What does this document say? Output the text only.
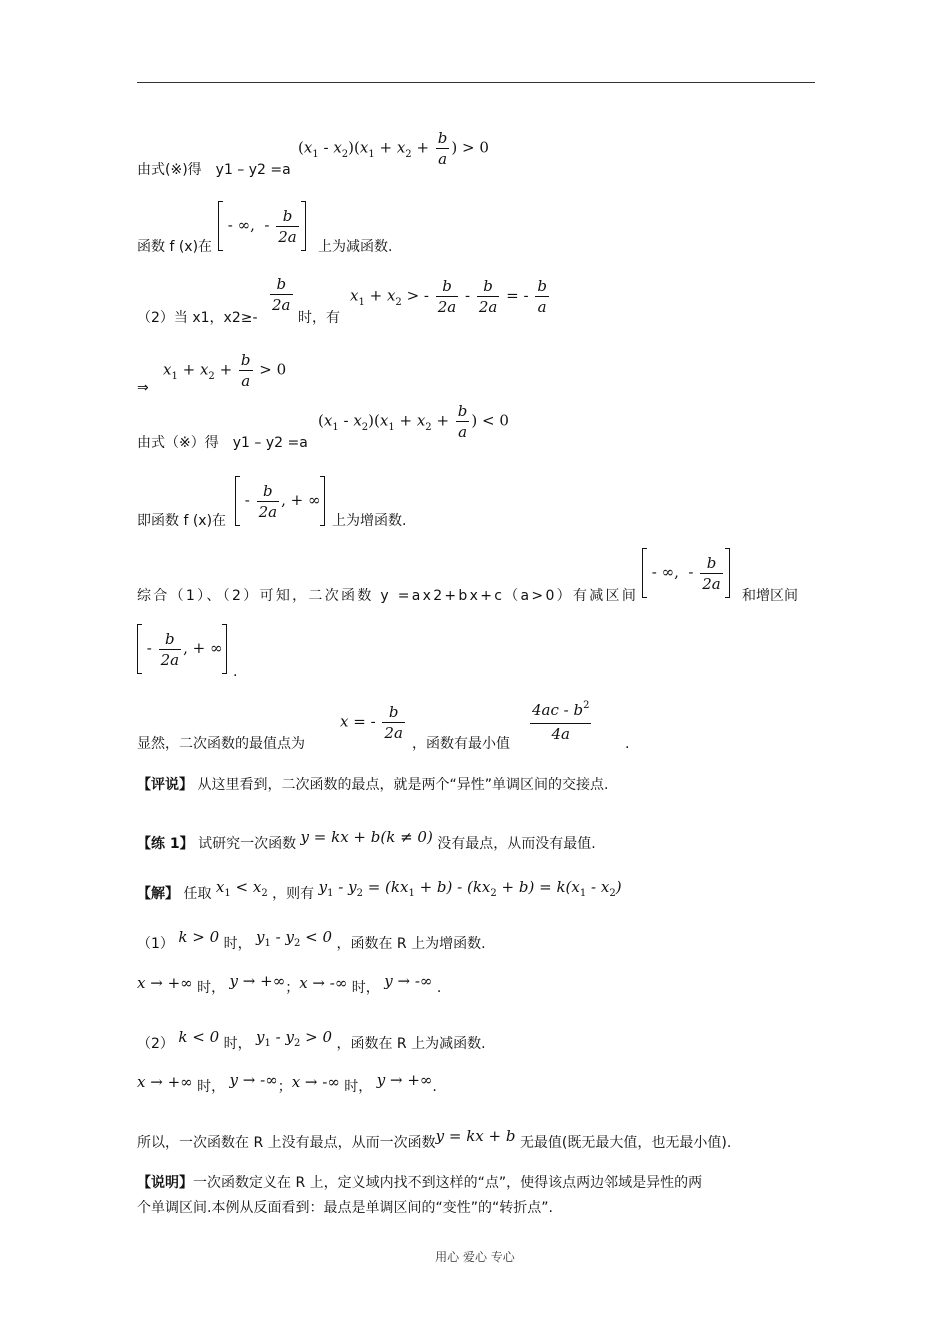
由式(※)得　y1 – y2 =a
$(x_1 - x_2)(x_1 + x_2 + \frac{b}{a}$ ) > 0
函数 f (x)在
- ∞,  - $\frac{b}{2a}$
上为减函数.
（2）当 x1，x2≥-
$\frac{b}{2a}$
时，有
$x_1 + x_2$ > - $\frac{b}{2a} - \frac{b}{2a}$ = - $\frac{b}{a}$
⇒
$x_1 + x_2 + \frac{b}{a} > 0$
由式（※）得　y1 – y2 =a
$(x_1 - x_2)(x_1 + x_2 + \frac{b}{a}$ ) < 0
即函数 f (x)在
- $\frac{b}{2a}$ , + ∞
上为增函数.
综合（1）、（2）可知，二次函数 y =ax2+bx+c（a>0）有减区间
- ∞,  - $\frac{b}{2a}$
和增区间
- $\frac{b}{2a}$ , + ∞
.
显然，二次函数的最值点为
x = - $\frac{b}{2a}$
，函数有最小值 $\frac{4ac - b^2}{4a}$ .
【评说】 从这里看到，二次函数的最点，就是两个“异性”单调区间的交接点.
【练 1】 试研究一次函数 y = kx + b(k ≠ 0) 没有最点，从而没有最值.
【解】 任取 $x_1 < x_2$ ，则有 $y_1 - y_2 = (kx_1 + b) - (kx_2 + b) = k(x_1 - x_2)$
（1） k > 0 时， $y_1 - y_2 < 0$ ，函数在 R 上为增函数.
x → +∞ 时， y → +∞；x → -∞ 时， y → -∞ .
（2） k < 0 时， $y_1 - y_2 > 0$ ，函数在 R 上为减函数.
x → +∞ 时， y → -∞；x → -∞ 时， y → +∞.
所以，一次函数在 R 上没有最点，从而一次函数y = kx + b 无最值(既无最大值，也无最小值).
【说明】一次函数定义在 R 上，定义域内找不到这样的“点”，使得该点两边邻域是异性的两
个单调区间.本例从反面看到：最点是单调区间的“变性”的“转折点”.
用心 爱心 专心
